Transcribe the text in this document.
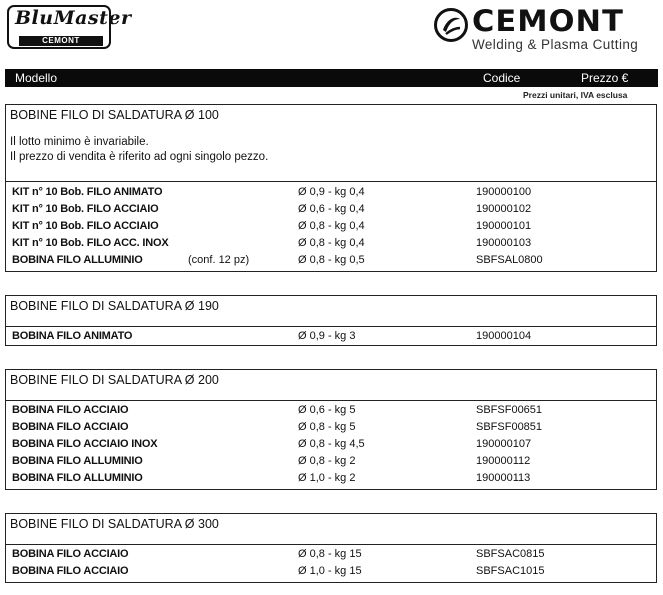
BluMaster
CEMONT
CEMONT
Welding & Plasma Cutting
Modello	Codice	Prezzo €
Prezzi unitari, IVA esclusa
BOBINE FILO DI SALDATURA Ø 100
Il lotto minimo è invariabile.
Il prezzo di vendita è riferito ad ogni singolo pezzo.
KIT n° 10 Bob. FILO ANIMATO	Ø 0,9 - kg 0,4	190000100
KIT n° 10 Bob. FILO ACCIAIO	Ø 0,6 - kg 0,4	190000102
KIT n° 10 Bob. FILO ACCIAIO	Ø 0,8 - kg 0,4	190000101
KIT n° 10 Bob. FILO ACC. INOX	Ø 0,8 - kg 0,4	190000103
BOBINA FILO ALLUMINIO	(conf. 12 pz)	Ø 0,8 - kg 0,5	SBFSAL0800
BOBINE FILO DI SALDATURA Ø 190
BOBINA FILO ANIMATO	Ø 0,9 - kg 3	190000104
BOBINE FILO DI SALDATURA Ø 200
BOBINA FILO ACCIAIO	Ø 0,6 - kg 5	SBFSF00651
BOBINA FILO ACCIAIO	Ø 0,8 - kg 5	SBFSF00851
BOBINA FILO ACCIAIO INOX	Ø 0,8 - kg 4,5	190000107
BOBINA FILO ALLUMINIO	Ø 0,8 - kg 2	190000112
BOBINA FILO ALLUMINIO	Ø 1,0 - kg 2	190000113
BOBINE FILO DI SALDATURA Ø 300
BOBINA FILO ACCIAIO	Ø 0,8 - kg 15	SBFSAC0815
BOBINA FILO ACCIAIO	Ø 1,0 - kg 15	SBFSAC1015
